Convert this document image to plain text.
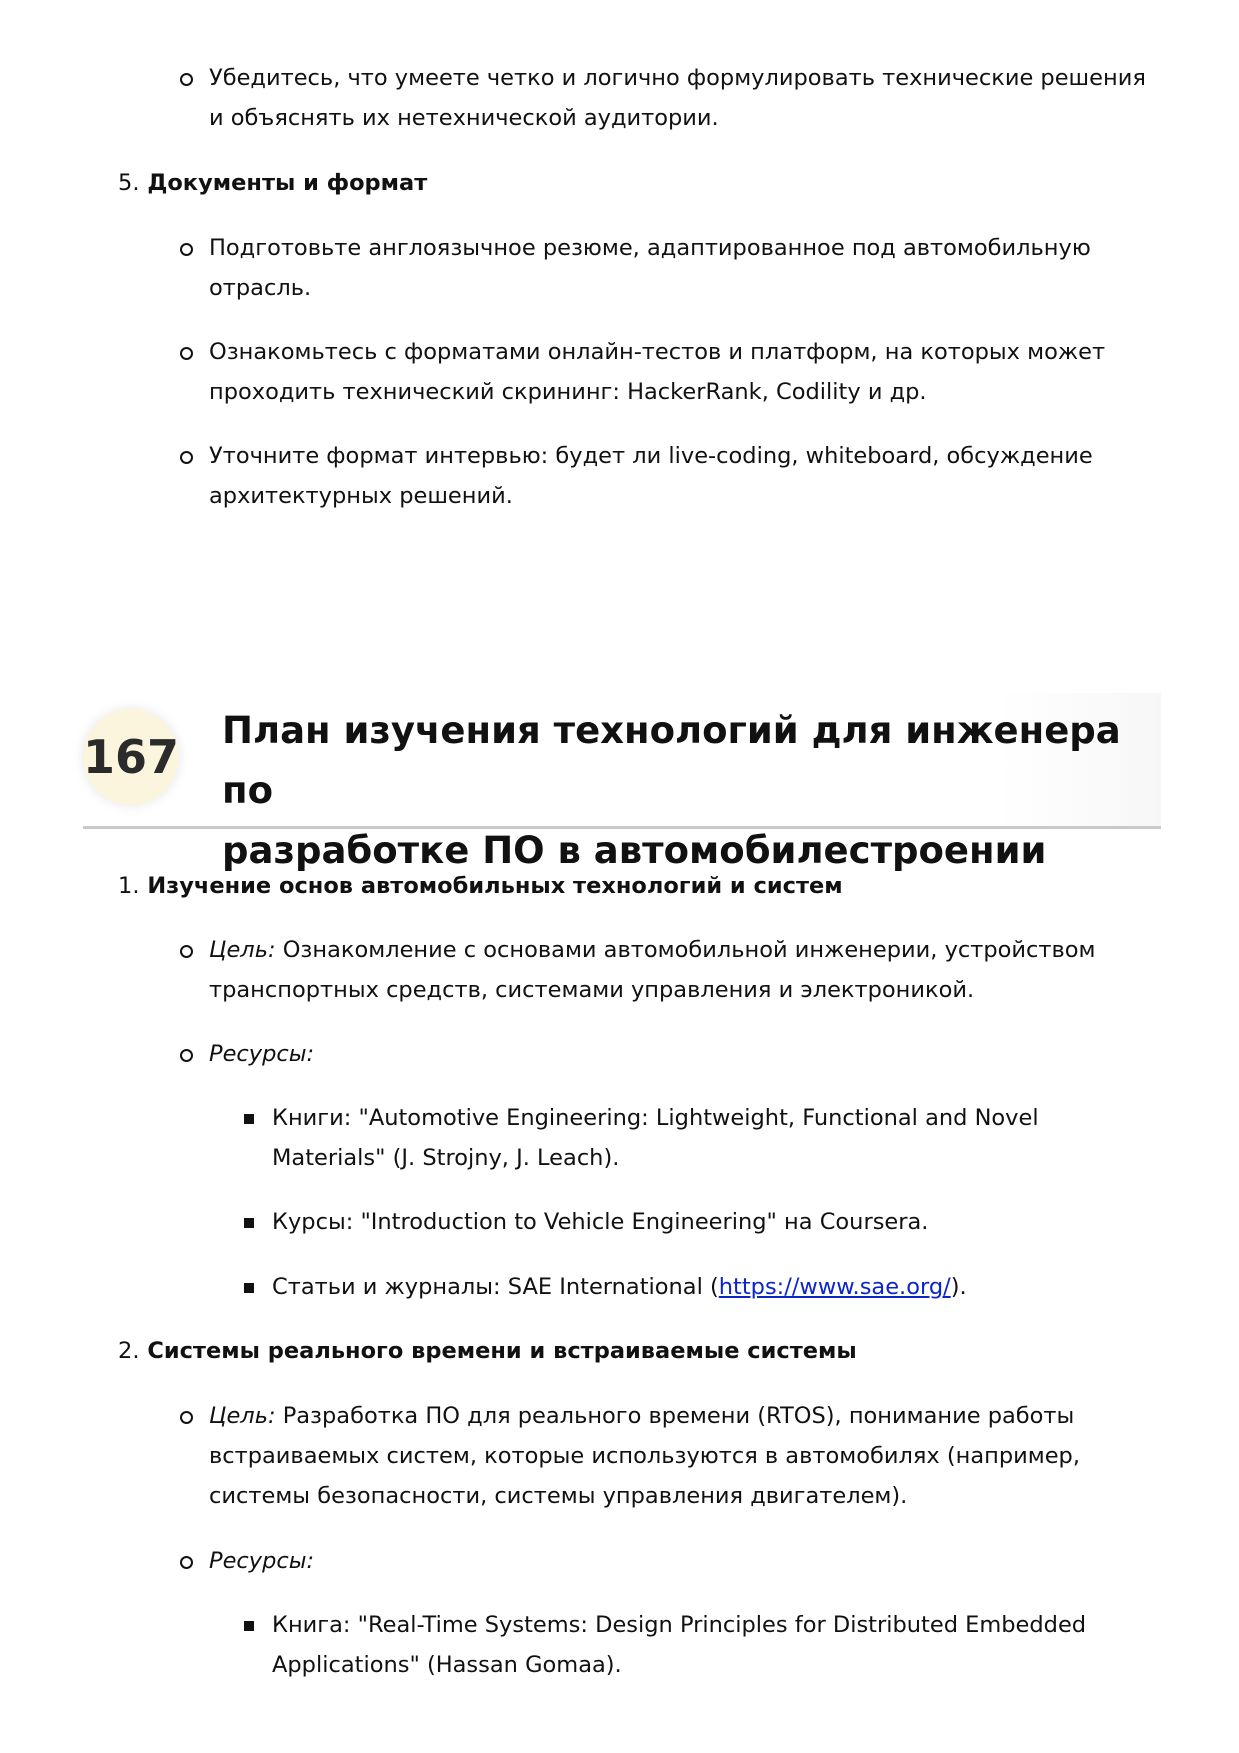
Убедитесь, что умеете четко и логично формулировать технические решения и объяснять их нетехнической аудитории.
5. Документы и формат
Подготовьте англоязычное резюме, адаптированное под автомобильную отрасль.
Ознакомьтесь с форматами онлайн-тестов и платформ, на которых может проходить технический скрининг: HackerRank, Codility и др.
Уточните формат интервью: будет ли live-coding, whiteboard, обсуждение архитектурных решений.
167 План изучения технологий для инженера по
разработке ПО в автомобилестроении
1. Изучение основ автомобильных технологий и систем
Цель: Ознакомление с основами автомобильной инженерии, устройством транспортных средств, системами управления и электроникой.
Ресурсы:
Книги: "Automotive Engineering: Lightweight, Functional and Novel Materials" (J. Strojny, J. Leach).
Курсы: "Introduction to Vehicle Engineering" на Coursera.
Статьи и журналы: SAE International (https://www.sae.org/).
2. Системы реального времени и встраиваемые системы
Цель: Разработка ПО для реального времени (RTOS), понимание работы встраиваемых систем, которые используются в автомобилях (например, системы безопасности, системы управления двигателем).
Ресурсы:
Книга: "Real-Time Systems: Design Principles for Distributed Embedded Applications" (Hassan Gomaa).
